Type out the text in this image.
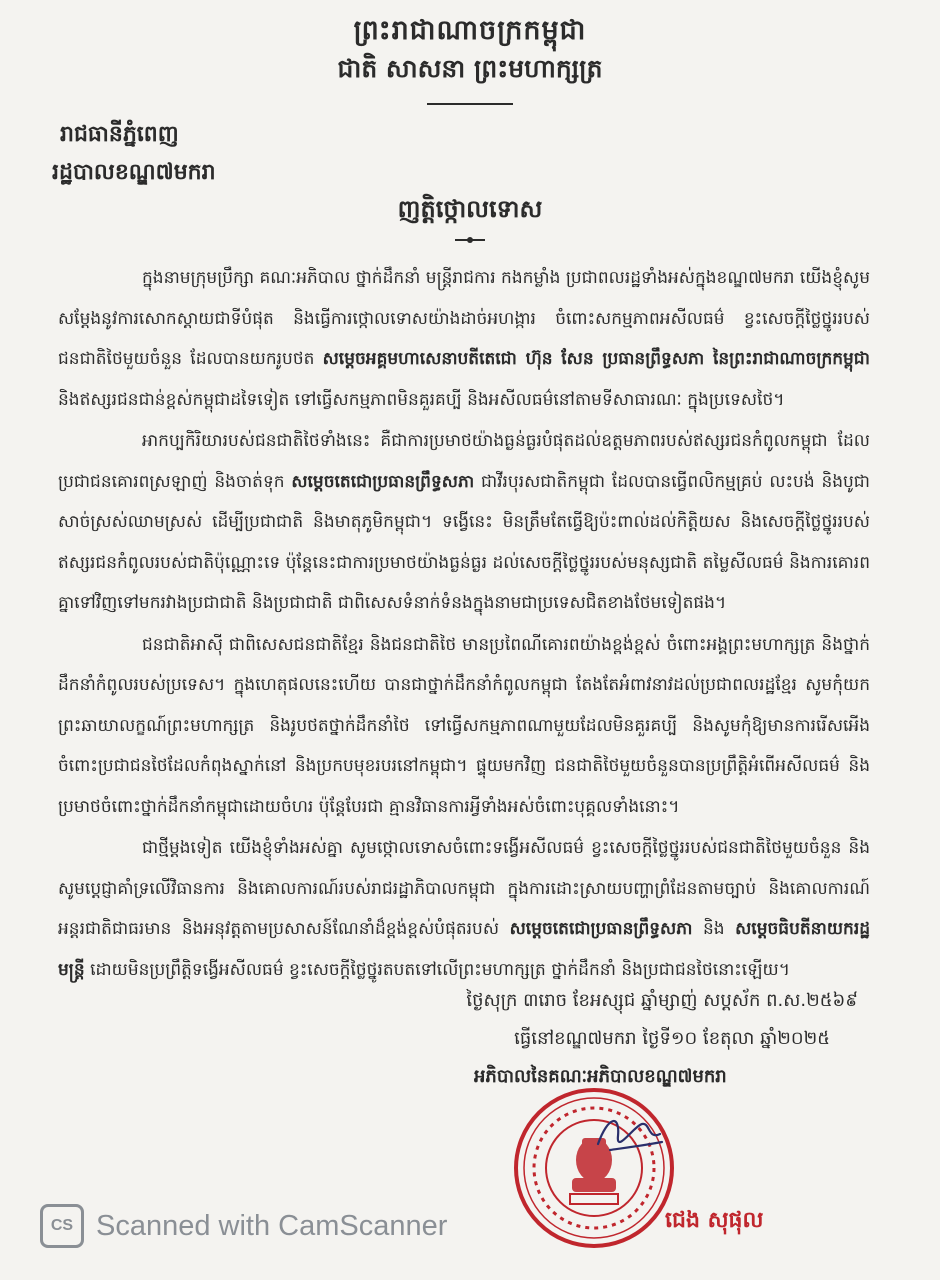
ព្រះរាជាណាចក្រកម្ពុជា
ជាតិ សាសនា ព្រះមហាក្សត្រ
រាជធានីភ្នំពេញ
រដ្ឋបាលខណ្ឌ៧មករា
ញត្តិថ្កោលទោស

ក្នុងនាមក្រុមប្រឹក្សា គណៈអភិបាល ថ្នាក់ដឹកនាំ មន្ត្រីរាជការ កងកម្លាំង ប្រជាពលរដ្ឋទាំងអស់ក្នុងខណ្ឌ៧មករា យើងខ្ញុំសូមសម្តែងនូវការសោកស្តាយជាទីបំផុត និងធ្វើការថ្កោលទោសយ៉ាងដាច់អហង្ការ ចំពោះសកម្មភាពអសីលធម៌ ខ្វះសេចក្តីថ្លៃថ្នូររបស់ជនជាតិថៃមួយចំនួន ដែលបានយករូបថត សម្តេចអគ្គមហាសេនាបតីតេជោ ហ៊ុន សែន ប្រធានព្រឹទ្ធសភា នៃព្រះរាជាណាចក្រកម្ពុជា និងឥស្សរជនជាន់ខ្ពស់កម្ពុជាដទៃទៀត ទៅធ្វើសកម្មភាពមិនគួរគប្បី និងអសីលធម៌នៅតាមទីសាធារណៈ ក្នុងប្រទេសថៃ។

អាកប្បកិរិយារបស់ជនជាតិថៃទាំងនេះ គឺជាការប្រមាថយ៉ាងធ្ងន់ធ្ងរបំផុតដល់ឧត្តមភាពរបស់ឥស្សរជនកំពូលកម្ពុជា ដែលប្រជាជនគោរពស្រឡាញ់ និងចាត់ទុក សម្តេចតេជោប្រធានព្រឹទ្ធសភា ជាវីរបុរសជាតិកម្ពុជា ដែលបានធ្វើពលិកម្មគ្រប់ លះបង់ និងបូជាសាច់ស្រស់ឈាមស្រស់ ដើម្បីប្រជាជាតិ និងមាតុភូមិកម្ពុជា។ ទង្វើនេះ មិនត្រឹមតែធ្វើឱ្យប៉ះពាល់ដល់កិត្តិយស និងសេចក្តីថ្លៃថ្នូររបស់ឥស្សរជនកំពូលរបស់ជាតិប៉ុណ្ណោះទេ ប៉ុន្តែនេះជាការប្រមាថយ៉ាងធ្ងន់ធ្ងរ ដល់សេចក្តីថ្លៃថ្នូររបស់មនុស្សជាតិ តម្លៃសីលធម៌ និងការគោរពគ្នាទៅវិញទៅមករវាងប្រជាជាតិ និងប្រជាជាតិ ជាពិសេសទំនាក់ទំនងក្នុងនាមជាប្រទេសជិតខាងថែមទៀតផង។

ជនជាតិអាស៊ី ជាពិសេសជនជាតិខ្មែរ និងជនជាតិថៃ មានប្រពៃណីគោរពយ៉ាងខ្ពង់ខ្ពស់ ចំពោះអង្គព្រះមហាក្សត្រ និងថ្នាក់ដឹកនាំកំពូលរបស់ប្រទេស។ ក្នុងហេតុផលនេះហើយ បានជាថ្នាក់ដឹកនាំកំពូលកម្ពុជា តែងតែអំពាវនាវដល់ប្រជាពលរដ្ឋខ្មែរ សូមកុំយកព្រះឆាយាលក្ខណ៍ព្រះមហាក្សត្រ និងរូបថតថ្នាក់ដឹកនាំថៃ ទៅធ្វើសកម្មភាពណាមួយដែលមិនគួរគប្បី និងសូមកុំឱ្យមានការរើសអើងចំពោះប្រជាជនថៃដែលកំពុងស្នាក់នៅ និងប្រកបមុខរបរនៅកម្ពុជា។ ផ្ទុយមកវិញ ជនជាតិថៃមួយចំនួនបានប្រព្រឹត្តិអំពើអសីលធម៌ និងប្រមាថចំពោះថ្នាក់ដឹកនាំកម្ពុជាដោយចំហរ ប៉ុន្តែបែរជា គ្មានវិធានការអ្វីទាំងអស់ចំពោះបុគ្គលទាំងនោះ។

ជាថ្មីម្តងទៀត យើងខ្ញុំទាំងអស់គ្នា សូមថ្កោលទោសចំពោះទង្វើអសីលធម៌ ខ្វះសេចក្តីថ្លៃថ្នូររបស់ជនជាតិថៃមួយចំនួន និងសូមប្តេជ្ញាគាំទ្រលើវិធានការ និងគោលការណ៍របស់រាជរដ្ឋាភិបាលកម្ពុជា ក្នុងការដោះស្រាយបញ្ហាព្រំដែនតាមច្បាប់ និងគោលការណ៍អន្តរជាតិជាធរមាន និងអនុវត្តតាមប្រសាសន៍ណែនាំដ៏ខ្ពង់ខ្ពស់បំផុតរបស់ សម្តេចតេជោប្រធានព្រឹទ្ធសភា និង សម្តេចធិបតីនាយករដ្ឋមន្ត្រី ដោយមិនប្រព្រឹត្តិទង្វើអសីលធម៌ ខ្វះសេចក្តីថ្លៃថ្នូរតបតទៅលើព្រះមហាក្សត្រ ថ្នាក់ដឹកនាំ និងប្រជាជនថៃនោះឡើយ។

ថ្ងៃសុក្រ ៣រោច ខែអស្សុជ ឆ្នាំម្សាញ់ សប្តស័ក ព.ស.២៥៦៩
ធ្វើនៅខណ្ឌ៧មករា ថ្ងៃទី១០ ខែតុលា ឆ្នាំ២០២៥
អភិបាលនៃគណៈអភិបាលខណ្ឌ៧មករា
ជេង សុផុល
CS Scanned with CamScanner
